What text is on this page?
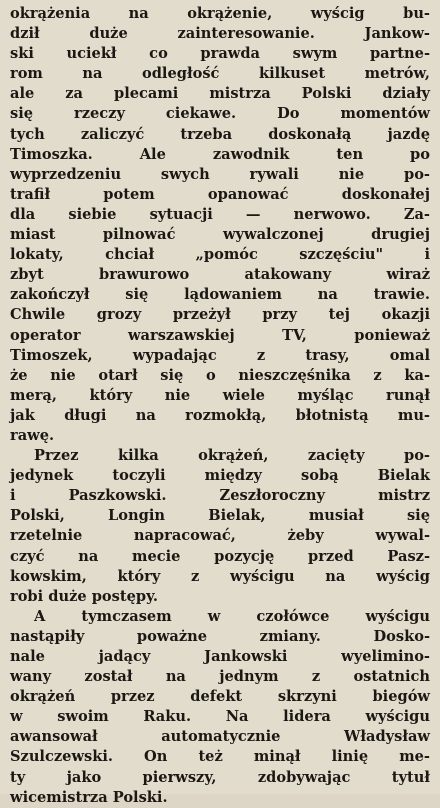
okrążenia na okrążenie, wyścig bu-
dził duże zainteresowanie. Jankow-
ski uciekł co prawda swym partne-
rom na odległość kilkuset metrów,
ale za plecami mistrza Polski działy
się rzeczy ciekawe. Do momentów
tych zaliczyć trzeba doskonałą jazdę
Timoszka. Ale zawodnik ten po
wyprzedzeniu swych rywali nie po-
trafił potem opanować doskonałej
dla siebie sytuacji — nerwowo. Za-
miast pilnować wywalczonej drugiej
lokaty, chciał „pomóc szczęściu" i
zbyt brawurowo atakowany wiraż
zakończył się lądowaniem na trawie.
Chwile grozy przeżył przy tej okazji
operator warszawskiej TV, ponieważ
Timoszek, wypadając z trasy, omal
że nie otarł się o nieszczęśnika z ka-
merą, który nie wiele myśląc runął
jak długi na rozmokłą, błotnistą mu-
rawę.
Przez kilka okrążeń, zacięty po-
jedynek toczyli między sobą Bielak
i Paszkowski. Zeszłoroczny mistrz
Polski, Longin Bielak, musiał się
rzetelnie napracować, żeby wywal-
czyć na mecie pozycję przed Pasz-
kowskim, który z wyścigu na wyścig
robi duże postępy.
A tymczasem w czołówce wyścigu
nastąpiły poważne zmiany. Dosko-
nale jadący Jankowski wyelimino-
wany został na jednym z ostatnich
okrążeń przez defekt skrzyni biegów
w swoim Raku. Na lidera wyścigu
awansował automatycznie Władysław
Szulczewski. On też minął linię me-
ty jako pierwszy, zdobywając tytuł
wicemistrza Polski.
